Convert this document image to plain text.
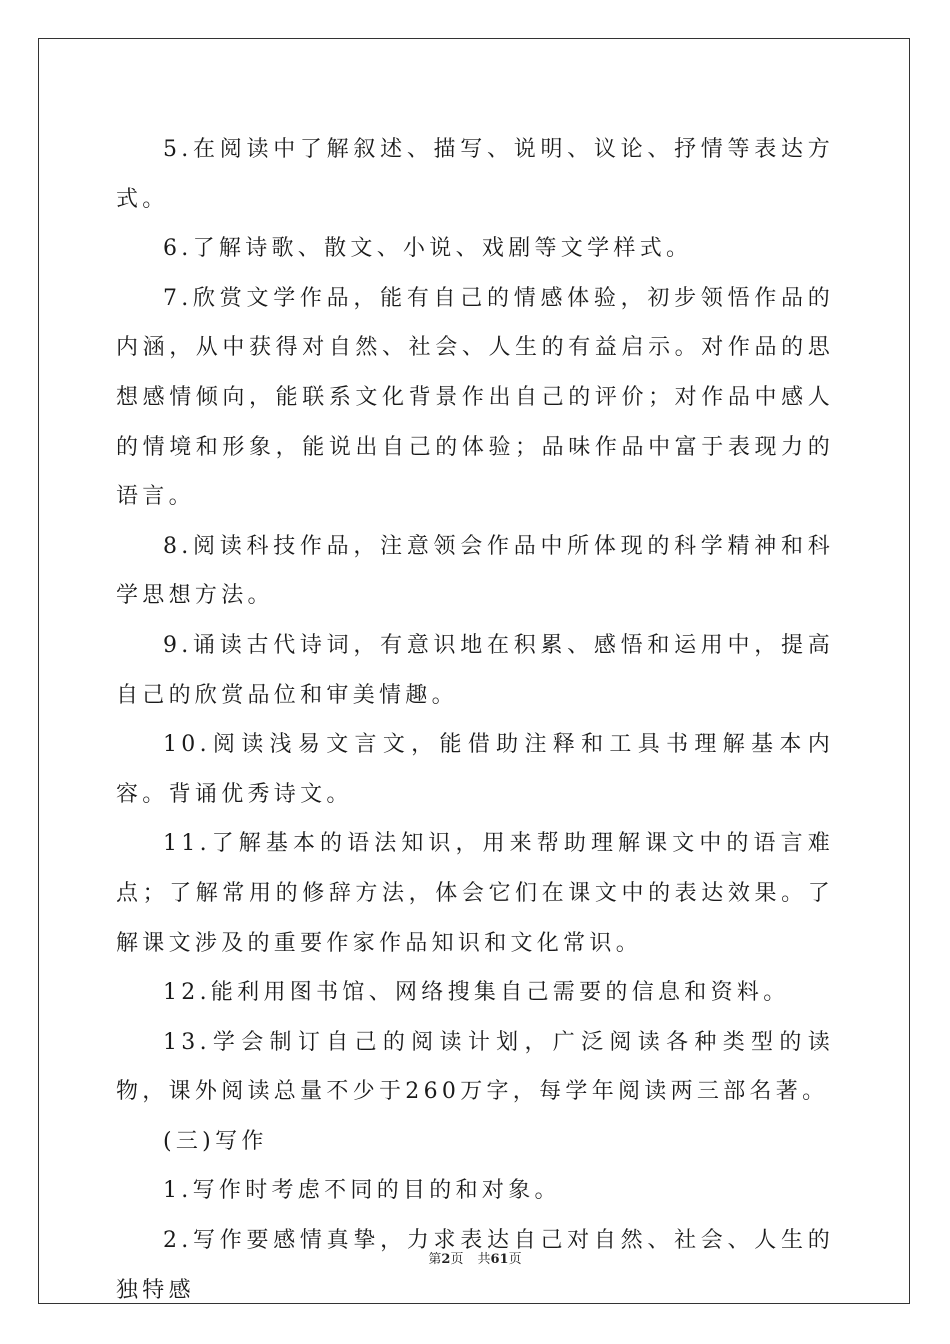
5.在阅读中了解叙述、描写、说明、议论、抒情等表达方式。

6.了解诗歌、散文、小说、戏剧等文学样式。

7.欣赏文学作品，能有自己的情感体验，初步领悟作品的内涵，从中获得对自然、社会、人生的有益启示。对作品的思想感情倾向，能联系文化背景作出自己的评价；对作品中感人的情境和形象，能说出自己的体验；品味作品中富于表现力的语言。

8.阅读科技作品，注意领会作品中所体现的科学精神和科学思想方法。

9.诵读古代诗词，有意识地在积累、感悟和运用中，提高自己的欣赏品位和审美情趣。

10.阅读浅易文言文，能借助注释和工具书理解基本内容。背诵优秀诗文。

11.了解基本的语法知识，用来帮助理解课文中的语言难点；了解常用的修辞方法，体会它们在课文中的表达效果。了解课文涉及的重要作家作品知识和文化常识。

12.能利用图书馆、网络搜集自己需要的信息和资料。

13.学会制订自己的阅读计划，广泛阅读各种类型的读物，课外阅读总量不少于260万字，每学年阅读两三部名著。

(三)写作

1.写作时考虑不同的目的和对象。

2.写作要感情真挚，力求表达自己对自然、社会、人生的独特感

第2页 共61页
